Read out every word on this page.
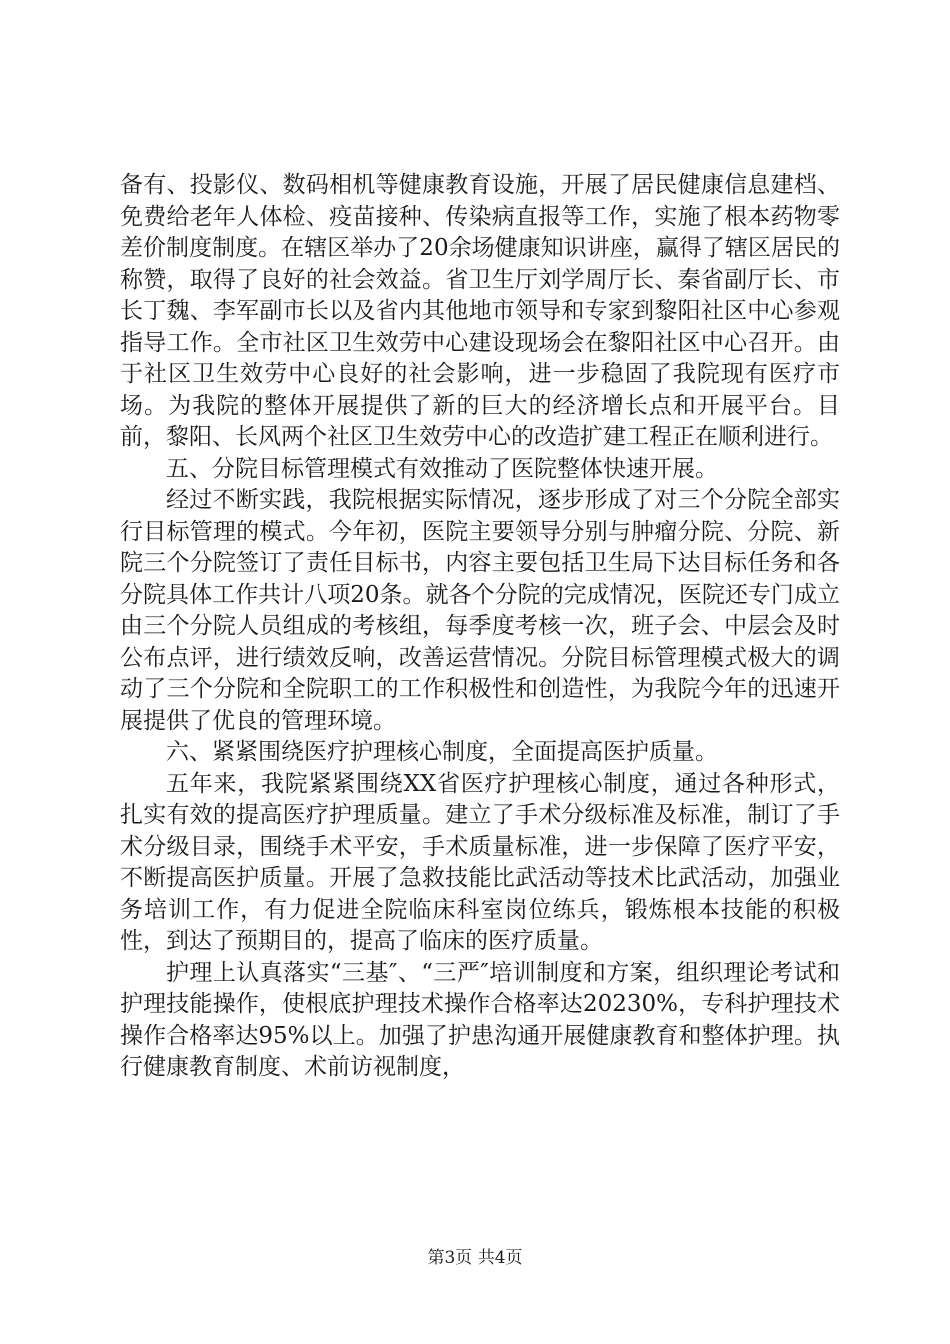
备有、投影仪、数码相机等健康教育设施，开展了居民健康信息建档、免费给老年人体检、疫苗接种、传染病直报等工作，实施了根本药物零差价制度制度。在辖区举办了20余场健康知识讲座，赢得了辖区居民的称赞，取得了良好的社会效益。省卫生厅刘学周厅长、秦省副厅长、市长丁魏、李军副市长以及省内其他地市领导和专家到黎阳社区中心参观指导工作。全市社区卫生效劳中心建设现场会在黎阳社区中心召开。由于社区卫生效劳中心良好的社会影响，进一步稳固了我院现有医疗市场。为我院的整体开展提供了新的巨大的经济增长点和开展平台。目前，黎阳、长风两个社区卫生效劳中心的改造扩建工程正在顺利进行。

五、分院目标管理模式有效推动了医院整体快速开展。

经过不断实践，我院根据实际情况，逐步形成了对三个分院全部实行目标管理的模式。今年初，医院主要领导分别与肿瘤分院、分院、新院三个分院签订了责任目标书，内容主要包括卫生局下达目标任务和各分院具体工作共计八项20条。就各个分院的完成情况，医院还专门成立由三个分院人员组成的考核组，每季度考核一次，班子会、中层会及时公布点评，进行绩效反响，改善运营情况。分院目标管理模式极大的调动了三个分院和全院职工的工作积极性和创造性，为我院今年的迅速开展提供了优良的管理环境。

六、紧紧围绕医疗护理核心制度，全面提高医护质量。

五年来，我院紧紧围绕XX省医疗护理核心制度，通过各种形式，扎实有效的提高医疗护理质量。建立了手术分级标准及标准，制订了手术分级目录，围绕手术平安，手术质量标准，进一步保障了医疗平安，不断提高医护质量。开展了急救技能比武活动等技术比武活动，加强业务培训工作，有力促进全院临床科室岗位练兵，锻炼根本技能的积极性，到达了预期目的，提高了临床的医疗质量。

护理上认真落实“三基″、“三严″培训制度和方案，组织理论考试和护理技能操作，使根底护理技术操作合格率达20230%，专科护理技术操作合格率达95%以上。加强了护患沟通开展健康教育和整体护理。执行健康教育制度、术前访视制度，

第3页 共4页
